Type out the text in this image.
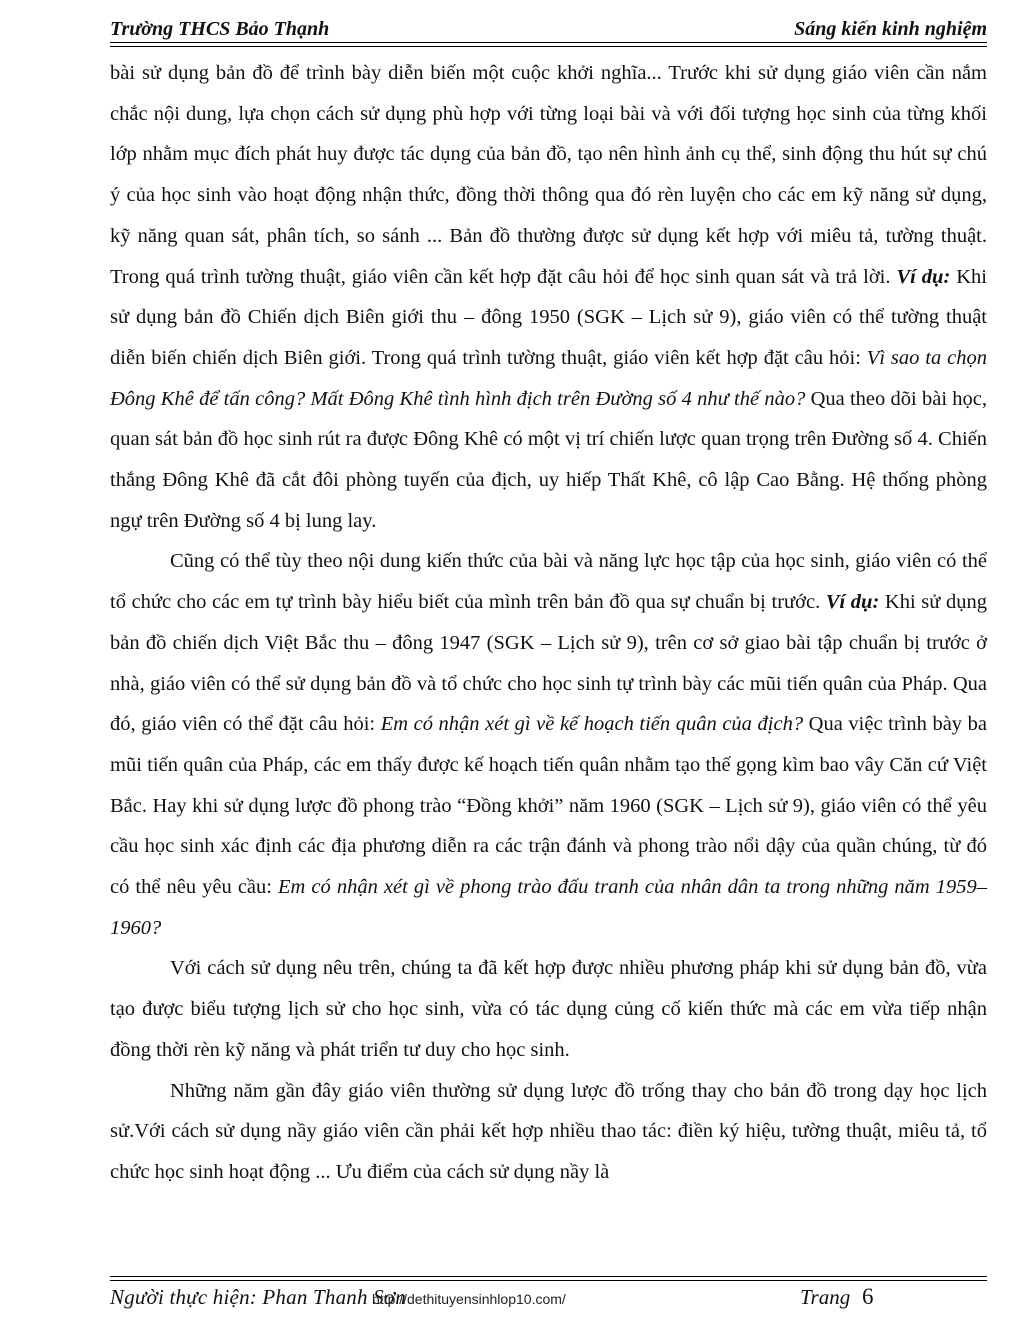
Trường THCS Bảo Thạnh	Sáng kiến kinh nghiệm

bài sử dụng bản đồ để trình bày diễn biến một cuộc khởi nghĩa... Trước khi sử dụng giáo viên cần nắm chắc nội dung, lựa chọn cách sử dụng phù hợp với từng loại bài và với đối tượng học sinh của từng khối lớp nhằm mục đích phát huy được tác dụng của bản đồ, tạo nên hình ảnh cụ thể, sinh động thu hút sự chú ý của học sinh vào hoạt động nhận thức, đồng thời thông qua đó rèn luyện cho các em kỹ năng sử dụng, kỹ năng quan sát, phân tích, so sánh ... Bản đồ thường được sử dụng kết hợp với miêu tả, tường thuật. Trong quá trình tường thuật, giáo viên cần kết hợp đặt câu hỏi để học sinh quan sát và trả lời. Ví dụ: Khi sử dụng bản đồ Chiến dịch Biên giới thu – đông 1950 (SGK – Lịch sử 9), giáo viên có thể tường thuật diễn biến chiến dịch Biên giới. Trong quá trình tường thuật, giáo viên kết hợp đặt câu hỏi: Vì sao ta chọn Đông Khê để tấn công? Mất Đông Khê tình hình địch trên Đường số 4 như thế nào? Qua theo dõi bài học, quan sát bản đồ học sinh rút ra được Đông Khê có một vị trí chiến lược quan trọng trên Đường số 4. Chiến thắng Đông Khê đã cắt đôi phòng tuyến của địch, uy hiếp Thất Khê, cô lập Cao Bằng. Hệ thống phòng ngự trên Đường số 4 bị lung lay.

Cũng có thể tùy theo nội dung kiến thức của bài và năng lực học tập của học sinh, giáo viên có thể tổ chức cho các em tự trình bày hiểu biết của mình trên bản đồ qua sự chuẩn bị trước. Ví dụ: Khi sử dụng bản đồ chiến dịch Việt Bắc thu – đông 1947 (SGK – Lịch sử 9), trên cơ sở giao bài tập chuẩn bị trước ở nhà, giáo viên có thể sử dụng bản đồ và tổ chức cho học sinh tự trình bày các mũi tiến quân của Pháp. Qua đó, giáo viên có thể đặt câu hỏi: Em có nhận xét gì về kế hoạch tiến quân của địch? Qua việc trình bày ba mũi tiến quân của Pháp, các em thấy được kế hoạch tiến quân nhằm tạo thế gọng kìm bao vây Căn cứ Việt Bắc. Hay khi sử dụng lược đồ phong trào “Đồng khởi” năm 1960 (SGK – Lịch sử 9), giáo viên có thể yêu cầu học sinh xác định các địa phương diễn ra các trận đánh và phong trào nổi dậy của quần chúng, từ đó có thể nêu yêu cầu: Em có nhận xét gì về phong trào đấu tranh của nhân dân ta trong những năm 1959–1960?

Với cách sử dụng nêu trên, chúng ta đã kết hợp được nhiều phương pháp khi sử dụng bản đồ, vừa tạo được biểu tượng lịch sử cho học sinh, vừa có tác dụng củng cố kiến thức mà các em vừa tiếp nhận đồng thời rèn kỹ năng và phát triển tư duy cho học sinh.

Những năm gần đây giáo viên thường sử dụng lược đồ trống thay cho bản đồ trong dạy học lịch sử.Với cách sử dụng nầy giáo viên cần phải kết hợp nhiều thao tác: điền ký hiệu, tường thuật, miêu tả, tổ chức học sinh hoạt động ... Ưu điểm của cách sử dụng nầy là

Người thực hiện: Phan Thanh Sơn
http://dethituyensinhlop10.com/	Trang 6
